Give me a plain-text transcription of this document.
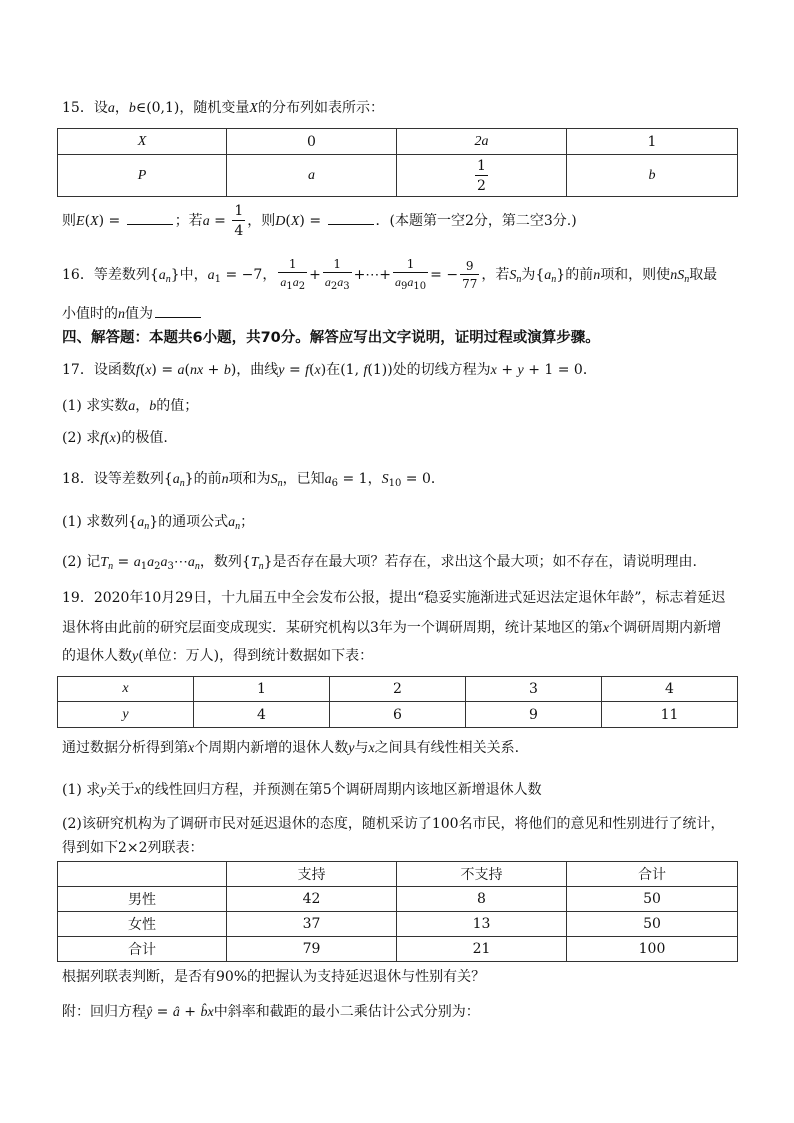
15．设a，b∈(0,1)，随机变量X的分布列如表所示：
X	0	2a	1
P	a	$\frac{1}{2}$	b
则E(X) =	；若$a = \frac{1}{4}$ ，则D(X) =	．(本题第一空2分，第二空3分.)
16．等差数列$\{a_n\}$中，$a_1 = -7$， $\frac{1}{a_1a_2} + \frac{1}{a_2a_3}$ +⋯+ $\frac{1}{a_9a_{10}}$ = − $\frac{9}{77}$ ，若$S_n$为$\{a_n\}$的前n项和，则使$nS_n$取最
小值时的n值为
四、解答题：本题共6小题，共70分。解答应写出文字说明，证明过程或演算步骤。
17．设函数f(x) = a(nx + b)，曲线y = f(x)在(1, f(1))处的切线方程为x + y + 1 = 0．
(1) 求实数a，b的值；
(2) 求f(x)的极值.
18．设等差数列$\{a_n\}$的前n项和为$S_n$，已知$a_6 = 1$，$S_{10} = 0$．
(1) 求数列$\{a_n\}$的通项公式$a_n$；
(2) 记$T_n$ = $a_1a_2a_3\cdots a_n$，数列$\{T_n\}$是否存在最大项？若存在，求出这个最大项；如不存在，请说明理由.
19．2020年10月29日，十九届五中全会发布公报，提出“稳妥实施渐进式延迟法定退休年龄”，标志着延迟
退休将由此前的研究层面变成现实．某研究机构以3年为一个调研周期，统计某地区的第x个调研周期内新增
的退休人数y(单位：万人)，得到统计数据如下表：
x	1	2	3	4
y	4	6	9	11
通过数据分析得到第x个周期内新增的退休人数y与x之间具有线性相关关系.
(1) 求y关于x的线性回归方程，并预测在第5个调研周期内该地区新增退休人数
(2)该研究机构为了调研市民对延迟退休的态度，随机采访了100名市民，将他们的意见和性别进行了统计，
得到如下2×2列联表：
	支持	不支持	合计
男性	42	8	50
女性	37	13	50
合计	79	21	100
根据列联表判断，是否有90%的把握认为支持延迟退休与性别有关？
附：回归方程ŷ = â + b̂x中斜率和截距的最小二乘估计公式分别为：
